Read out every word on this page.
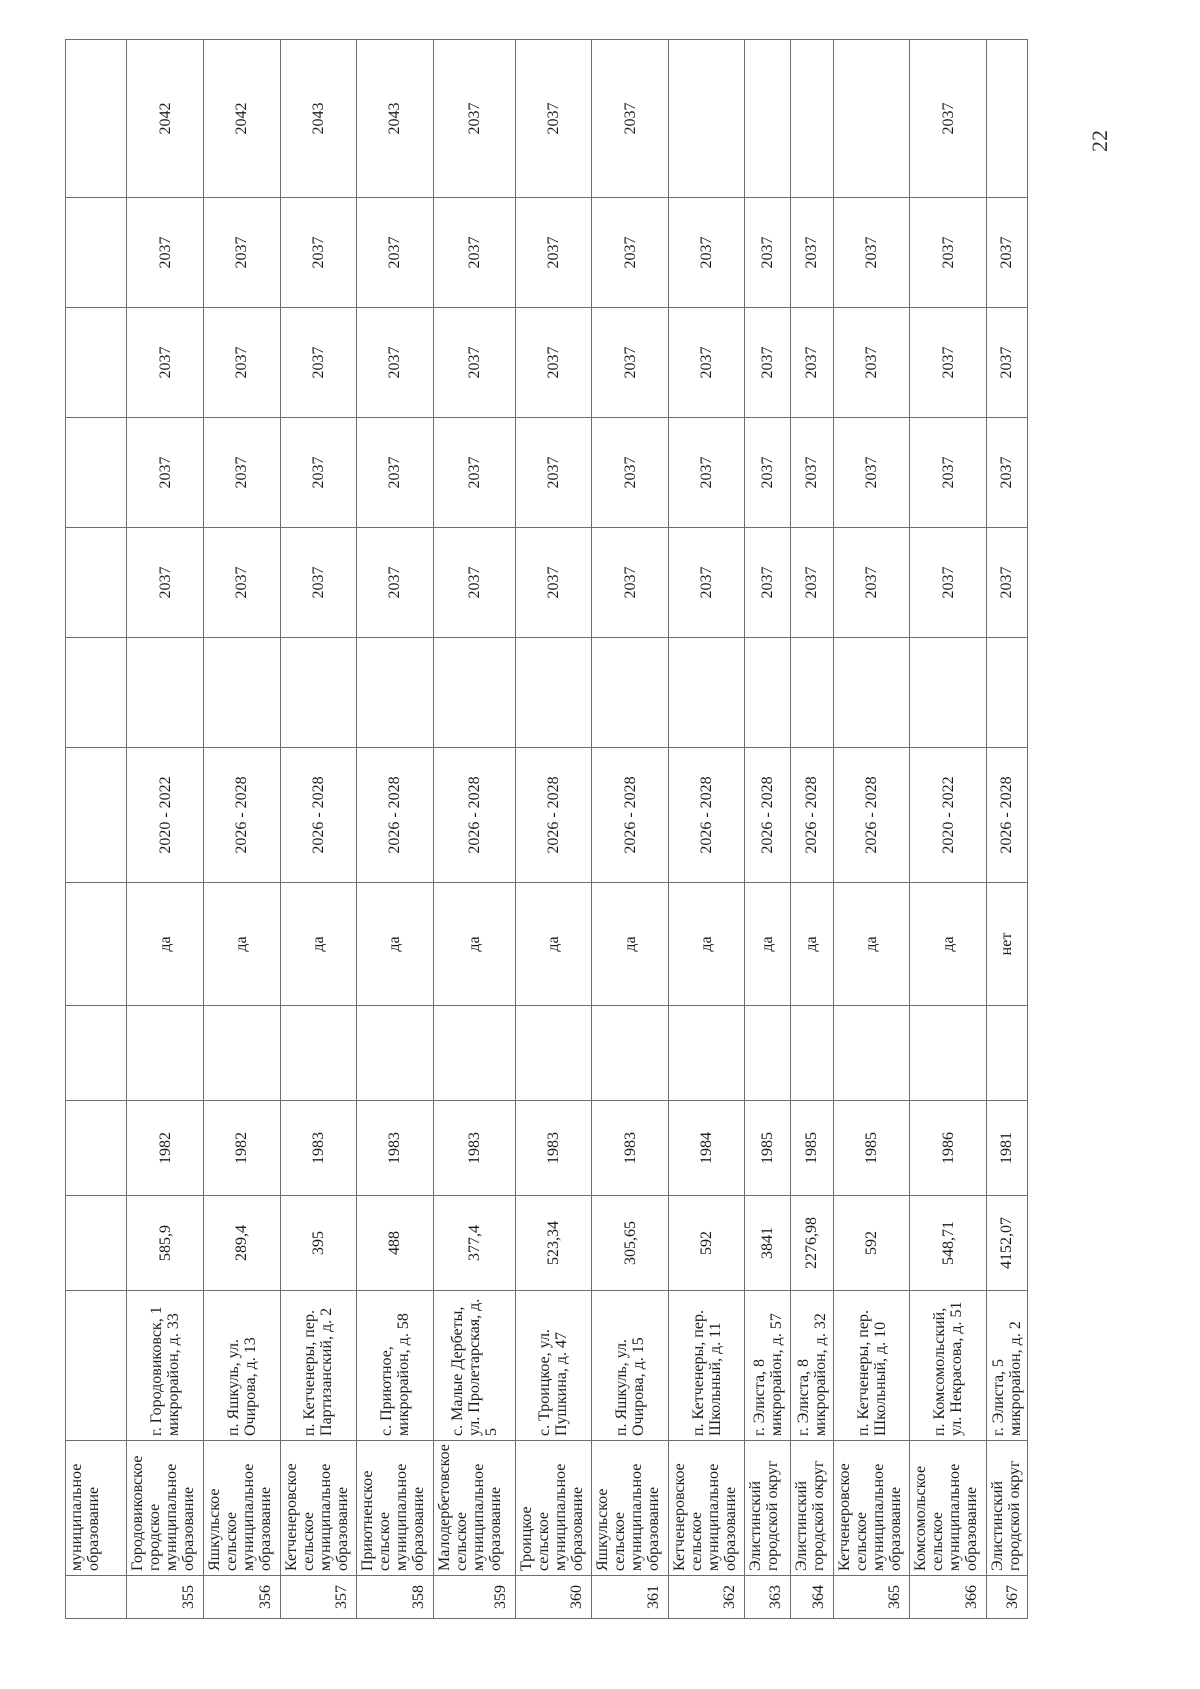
	муниципальное образование												
355	Городовиковское городское муниципальное образование	г. Городовиковск, 1 микрорайон, д. 33	585,9	1982		да	2020 - 2022		2037	2037	2037	2037	2042
356	Яшкульское сельское муниципальное образование	п. Яшкуль, ул. Очирова, д. 13	289,4	1982		да	2026 - 2028		2037	2037	2037	2037	2042
357	Кетченеровское сельское муниципальное образование	п. Кетченеры, пер. Партизанский, д. 2	395	1983		да	2026 - 2028		2037	2037	2037	2037	2043
358	Приютненское сельское муниципальное образование	с. Приютное, микрорайон, д. 58	488	1983		да	2026 - 2028		2037	2037	2037	2037	2043
359	Малодербетовское сельское муниципальное образование	с. Малые Дербеты, ул. Пролетарская, д. 5	377,4	1983		да	2026 - 2028		2037	2037	2037	2037	2037
360	Троицкое сельское муниципальное образование	с. Троицкое, ул. Пушкина, д. 47	523,34	1983		да	2026 - 2028		2037	2037	2037	2037	2037
361	Яшкульское сельское муниципальное образование	п. Яшкуль, ул. Очирова, д. 15	305,65	1983		да	2026 - 2028		2037	2037	2037	2037	2037
362	Кетченеровское сельское муниципальное образование	п. Кетченеры, пер. Школьный, д. 11	592	1984		да	2026 - 2028		2037	2037	2037	2037	
363	Элистинский городской округ	г. Элиста, 8 микрорайон, д. 57	3841	1985		да	2026 - 2028		2037	2037	2037	2037	
364	Элистинский городской округ	г. Элиста, 8 микрорайон, д. 32	2276,98	1985		да	2026 - 2028		2037	2037	2037	2037	
365	Кетченеровское сельское муниципальное образование	п. Кетченеры, пер. Школьный, д. 10	592	1985		да	2026 - 2028		2037	2037	2037	2037	
366	Комсомольское сельское муниципальное образование	п. Комсомольский, ул. Некрасова, д. 51	548,71	1986		да	2020 - 2022		2037	2037	2037	2037	2037
367	Элистинский городской округ	г. Элиста, 5 микрорайон, д. 2	4152,07	1981		нет	2026 - 2028		2037	2037	2037	2037	
22
